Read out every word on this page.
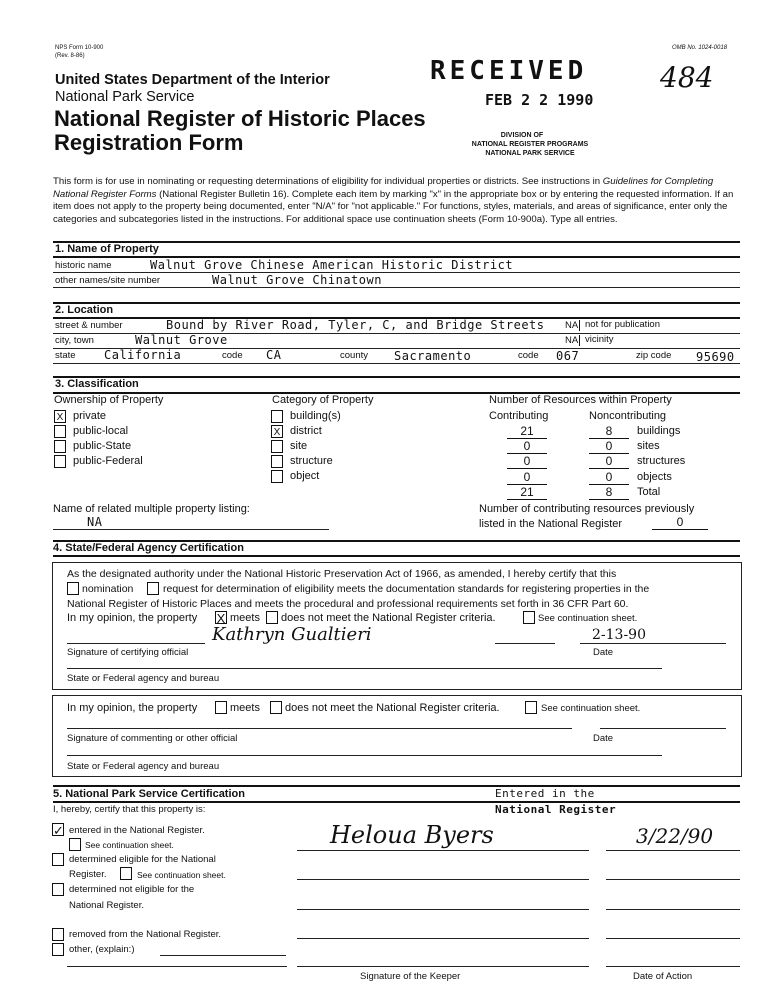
NPS Form 10-900
(Rev. 8-86)
OMB No. 1024-0018
United States Department of the Interior
National Park Service
National Register of Historic Places
Registration Form
RECEIVED
FEB 2 2 1990
DIVISION OF
NATIONAL REGISTER PROGRAMS
NATIONAL PARK SERVICE
484
This form is for use in nominating or requesting determinations of eligibility for individual properties or districts. See instructions in Guidelines for Completing National Register Forms (National Register Bulletin 16). Complete each item by marking "x" in the appropriate box or by entering the requested information. If an item does not apply to the property being documented, enter "N/A" for "not applicable." For functions, styles, materials, and areas of significance, enter only the categories and subcategories listed in the instructions. For additional space use continuation sheets (Form 10-900a). Type all entries.
1. Name of Property
historic name	Walnut Grove Chinese American Historic District
other names/site number	Walnut Grove Chinatown
2. Location
street & number	Bound by River Road, Tyler, C, and Bridge Streets NA not for publication
city, town	Walnut Grove	NA vicinity
state California	code CA	county Sacramento	code 067	zip code 95690
3. Classification
Ownership of Property	Category of Property	Number of Resources within Property
Contributing	Noncontributing
X private
public-local
public-State
public-Federal
building(s)
X district
site
structure
object
21	8	buildings
0	0	sites
0	0	structures
0	0	objects
21	8	Total
Name of related multiple property listing:
NA
Number of contributing resources previously
listed in the National Register	0
4. State/Federal Agency Certification
As the designated authority under the National Historic Preservation Act of 1966, as amended, I hereby certify that this
nomination	request for determination of eligibility meets the documentation standards for registering properties in the
National Register of Historic Places and meets the procedural and professional requirements set forth in 36 CFR Part 60.
In my opinion, the property X meets does not meet the National Register criteria.	See continuation sheet.
Kathryn Gualtieri	2-13-90
Signature of certifying official	Date
State or Federal agency and bureau
In my opinion, the property	meets does not meet the National Register criteria.	See continuation sheet.
Signature of commenting or other official	Date
State or Federal agency and bureau
5. National Park Service Certification	Entered in the
National Register
I, hereby, certify that this property is:
✓ entered in the National Register.
See continuation sheet.
determined eligible for the National
Register.	See continuation sheet.
determined not eligible for the
National Register.
removed from the National Register.
other, (explain:)
Heloua Byers	3/22/90
Signature of the Keeper	Date of Action
